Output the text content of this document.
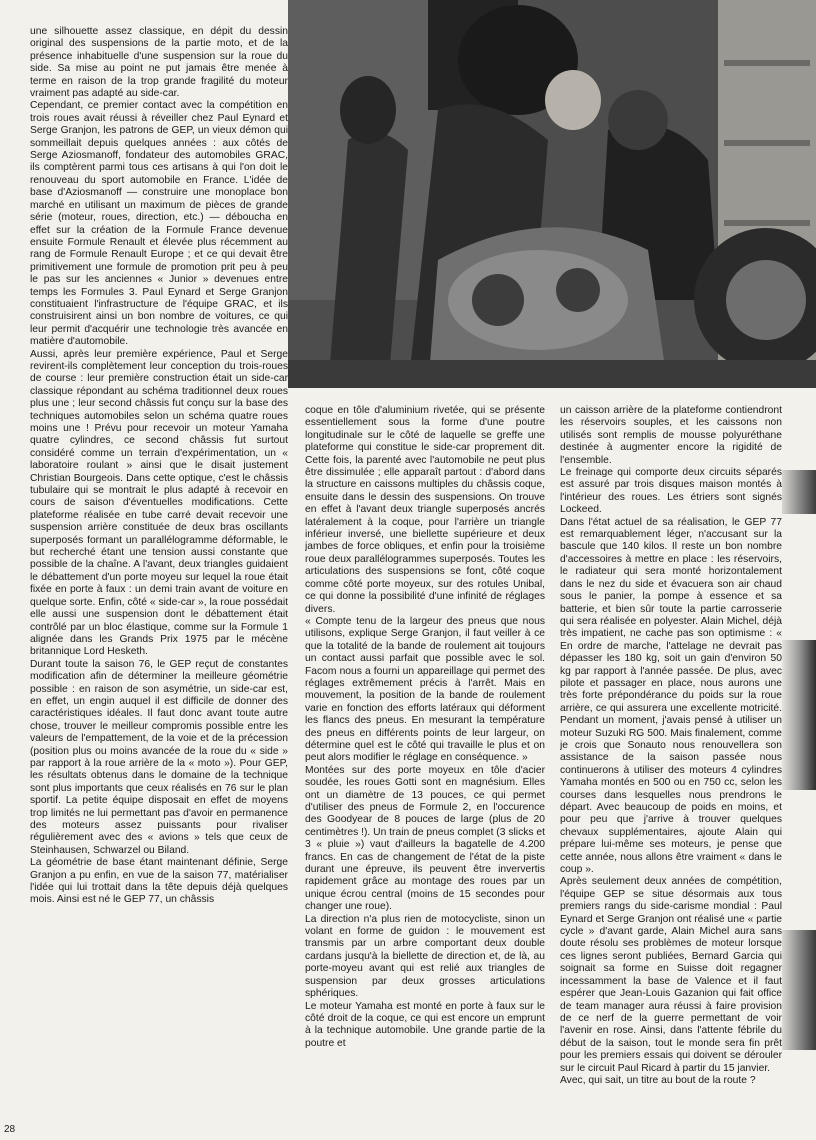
une silhouette assez classique, en dépit du dessin original des suspensions de la partie moto, et de la présence inhabituelle d'une suspension sur la roue du side. Sa mise au point ne put jamais être menée à terme en raison de la trop grande fragilité du moteur vraiment pas adapté au side-car.

Cependant, ce premier contact avec la compétition en trois roues avait réussi à réveiller chez Paul Eynard et Serge Granjon, les patrons de GEP, un vieux démon qui sommeillait depuis quelques années : aux côtés de Serge Aziosmanoff, fondateur des automobiles GRAC, ils comptèrent parmi tous ces artisans à qui l'on doit le renouveau du sport automobile en France. L'idée de base d'Aziosmanoff — construire une monoplace bon marché en utilisant un maximum de pièces de grande série (moteur, roues, direction, etc.) — déboucha en effet sur la création de la Formule France devenue ensuite Formule Renault et élevée plus récemment au rang de Formule Renault Europe ; et ce qui devait être primitivement une formule de promotion prit peu à peu le pas sur les anciennes « Junior » devenues entre temps les Formules 3. Paul Eynard et Serge Granjon constituaient l'infrastructure de l'équipe GRAC, et ils construisirent ainsi un bon nombre de voitures, ce qui leur permit d'acquérir une technologie très avancée en matière d'automobile.

Aussi, après leur première expérience, Paul et Serge revirent-ils complètement leur conception du trois-roues de course : leur première construction était un side-car classique répondant au schéma traditionnel deux roues plus une ; leur second châssis fut conçu sur la base des techniques automobiles selon un schéma quatre roues moins une ! Prévu pour recevoir un moteur Yamaha quatre cylindres, ce second châssis fut surtout considéré comme un terrain d'expérimentation, un « laboratoire roulant » ainsi que le disait justement Christian Bourgeois. Dans cette optique, c'est le châssis tubulaire qui se montrait le plus adapté à recevoir en cours de saison d'éventuelles modifications. Cette plateforme réalisée en tube carré devait recevoir une suspension arrière constituée de deux bras oscillants superposés formant un parallélogramme déformable, le but recherché étant une tension aussi constante que possible de la chaîne. A l'avant, deux triangles guidaient le débattement d'un porte moyeu sur lequel la roue était fixée en porte à faux : un demi train avant de voiture en quelque sorte. Enfin, côté « side-car », la roue possédait elle aussi une suspension dont le débattement était contrôlé par un bloc élastique, comme sur la Formule 1 alignée dans les Grands Prix 1975 par le mécène britannique Lord Hesketh.

Durant toute la saison 76, le GEP reçut de constantes modification afin de déterminer la meilleure géométrie possible : en raison de son asymétrie, un side-car est, en effet, un engin auquel il est difficile de donner des caractéristiques idéales. Il faut donc avant toute autre chose, trouver le meilleur compromis possible entre les valeurs de l'empattement, de la voie et de la précession (position plus ou moins avancée de la roue du « side » par rapport à la roue arrière de la « moto »). Pour GEP, les résultats obtenus dans le domaine de la technique sont plus importants que ceux réalisés en 76 sur le plan sportif. La petite équipe disposait en effet de moyens trop limités ne lui permettant pas d'avoir en permanence des moteurs assez puissants pour rivaliser régulièrement avec des « avions » tels que ceux de Steinhausen, Schwarzel ou Biland.

La géométrie de base étant maintenant définie, Serge Granjon a pu enfin, en vue de la saison 77, matérialiser l'idée qui lui trottait dans la tête depuis déjà quelques mois. Ainsi est né le GEP 77, un châssis

coque en tôle d'aluminium rivetée, qui se présente essentiellement sous la forme d'une poutre longitudinale sur le côté de laquelle se greffe une plateforme qui constitue le side-car proprement dit. Cette fois, la parenté avec l'automobile ne peut plus être dissimulée ; elle apparaît partout : d'abord dans la structure en caissons multiples du châssis coque, ensuite dans le dessin des suspensions. On trouve en effet à l'avant deux triangle superposés ancrés latéralement à la coque, pour l'arrière un triangle inférieur inversé, une biellette supérieure et deux jambes de force obliques, et enfin pour la troisième roue deux parallélogrammes superposés. Toutes les articulations des suspensions se font, côté coque comme côté porte moyeux, sur des rotules Unibal, ce qui donne la possibilité d'une infinité de réglages divers.

« Compte tenu de la largeur des pneus que nous utilisons, explique Serge Granjon, il faut veiller à ce que la totalité de la bande de roulement ait toujours un contact aussi parfait que possible avec le sol. Facom nous a fourni un appareillage qui permet des réglages extrêmement précis à l'arrêt. Mais en mouvement, la position de la bande de roulement varie en fonction des efforts latéraux qui déforment les flancs des pneus. En mesurant la température des pneus en différents points de leur largeur, on détermine quel est le côté qui travaille le plus et on peut alors modifier le réglage en conséquence. »

Montées sur des porte moyeux en tôle d'acier soudée, les roues Gotti sont en magnésium. Elles ont un diamètre de 13 pouces, ce qui permet d'utiliser des pneus de Formule 2, en l'occurence des Goodyear de 8 pouces de large (plus de 20 centimètres !). Un train de pneus complet (3 slicks et 3 « pluie ») vaut d'ailleurs la bagatelle de 4.200 francs. En cas de changement de l'état de la piste durant une épreuve, ils peuvent être inververtis rapidement grâce au montage des roues par un unique écrou central (moins de 15 secondes pour changer une roue).

La direction n'a plus rien de motocycliste, sinon un volant en forme de guidon : le mouvement est transmis par un arbre comportant deux double cardans jusqu'à la biellette de direction et, de là, au porte-moyeu avant qui est relié aux triangles de suspension par deux grosses articulations sphériques.

Le moteur Yamaha est monté en porte à faux sur le côté droit de la coque, ce qui est encore un emprunt à la technique automobile. Une grande partie de la poutre et

un caisson arrière de la plateforme contiendront les réservoirs souples, et les caissons non utilisés sont remplis de mousse polyuréthane destinée à augmenter encore la rigidité de l'ensemble.

Le freinage qui comporte deux circuits séparés est assuré par trois disques maison montés à l'intérieur des roues. Les étriers sont signés Lockeed.

Dans l'état actuel de sa réalisation, le GEP 77 est remarquablement léger, n'accusant sur la bascule que 140 kilos. Il reste un bon nombre d'accessoires à mettre en place : les réservoirs, le radiateur qui sera monté horizontalement dans le nez du side et évacuera son air chaud sous le panier, la pompe à essence et sa batterie, et bien sûr toute la partie carrosserie qui sera réalisée en polyester. Alain Michel, déjà très impatient, ne cache pas son optimisme : « En ordre de marche, l'attelage ne devrait pas dépasser les 180 kg, soit un gain d'environ 50 kg par rapport à l'année passée. De plus, avec pilote et passager en place, nous aurons une très forte prépondérance du poids sur la roue arrière, ce qui assurera une excellente motricité. Pendant un moment, j'avais pensé à utiliser un moteur Suzuki RG 500. Mais finalement, comme je crois que Sonauto nous renouvellera son assistance de la saison passée nous continuerons à utiliser des moteurs 4 cylindres Yamaha montés en 500 ou en 750 cc, selon les courses dans lesquelles nous prendrons le départ. Avec beaucoup de poids en moins, et pour peu que j'arrive à trouver quelques chevaux supplémentaires, ajoute Alain qui prépare lui-même ses moteurs, je pense que cette année, nous allons être vraiment « dans le coup ».

Après seulement deux années de compétition, l'équipe GEP se situe désormais aux tous premiers rangs du side-carisme mondial : Paul Eynard et Serge Granjon ont réalisé une « partie cycle » d'avant garde, Alain Michel aura sans doute résolu ses problèmes de moteur lorsque ces lignes seront publiées, Bernard Garcia qui soignait sa forme en Suisse doit regagner incessamment la base de Valence et il faut espérer que Jean-Louis Gazanion qui fait office de team manager aura réussi à faire provision de ce nerf de la guerre permettant de voir l'avenir en rose. Ainsi, dans l'attente fébrile du début de la saison, tout le monde sera fin prêt pour les premiers essais qui doivent se dérouler sur le circuit Paul Ricard à partir du 15 janvier.

Avec, qui sait, un titre au bout de la route ?

28
